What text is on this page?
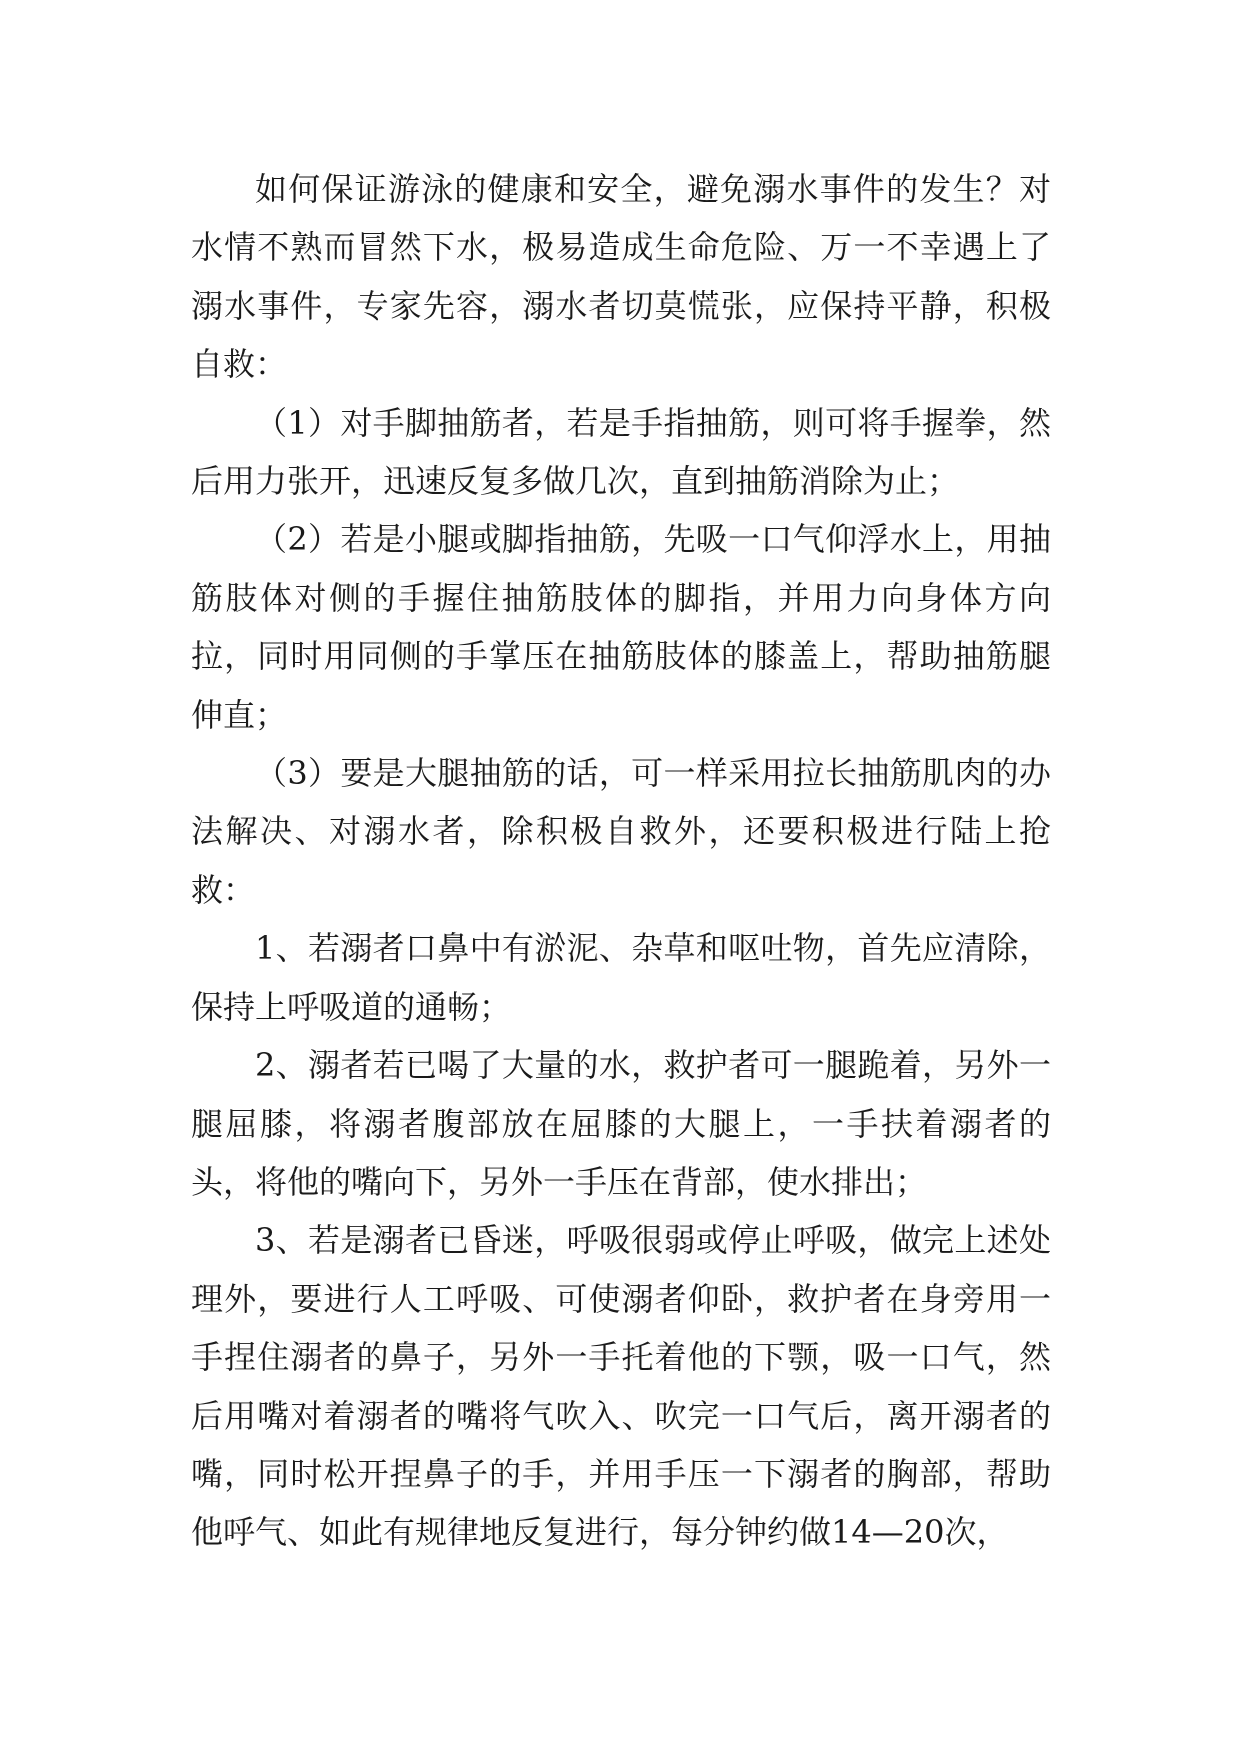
如何保证游泳的健康和安全，避免溺水事件的发生？对水情不熟而冒然下水，极易造成生命危险、万一不幸遇上了溺水事件，专家先容，溺水者切莫慌张，应保持平静，积极自救：

（1）对手脚抽筋者，若是手指抽筋，则可将手握拳，然后用力张开，迅速反复多做几次，直到抽筋消除为止；

（2）若是小腿或脚指抽筋，先吸一口气仰浮水上，用抽筋肢体对侧的手握住抽筋肢体的脚指，并用力向身体方向拉，同时用同侧的手掌压在抽筋肢体的膝盖上，帮助抽筋腿伸直；

（3）要是大腿抽筋的话，可一样采用拉长抽筋肌肉的办法解决、对溺水者，除积极自救外，还要积极进行陆上抢救：

1、若溺者口鼻中有淤泥、杂草和呕吐物，首先应清除，保持上呼吸道的通畅；

2、溺者若已喝了大量的水，救护者可一腿跪着，另外一腿屈膝，将溺者腹部放在屈膝的大腿上，一手扶着溺者的头，将他的嘴向下，另外一手压在背部，使水排出；

3、若是溺者已昏迷，呼吸很弱或停止呼吸，做完上述处理外，要进行人工呼吸、可使溺者仰卧，救护者在身旁用一手捏住溺者的鼻子，另外一手托着他的下颚，吸一口气，然后用嘴对着溺者的嘴将气吹入、吹完一口气后，离开溺者的嘴，同时松开捏鼻子的手，并用手压一下溺者的胸部，帮助他呼气、如此有规律地反复进行，每分钟约做14—20次，
